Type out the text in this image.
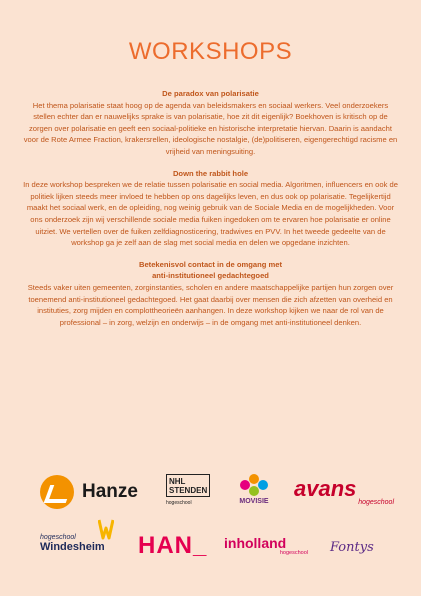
WORKSHOPS

De paradox van polarisatie

Het thema polarisatie staat hoog op de agenda van beleidsmakers en sociaal werkers. Veel onderzoekers stellen echter dan er nauwelijks sprake is van polarisatie, hoe zit dit eigenlijk? Boekhoven is kritisch op de zorgen over polarisatie en geeft een sociaal-politieke en historische interpretatie hiervan. Daarin is aandacht voor de Rote Armee Fraction, krakersrellen, ideologische nostalgie, (de)politiseren, eigengerechtigd racisme en vrijheid van meningsuiting.

Down the rabbit hole

In deze workshop bespreken we de relatie tussen polarisatie en social media. Algoritmen, influencers en ook de politiek lijken steeds meer invloed te hebben op ons dagelijks leven, en dus ook op polarisatie. Tegelijkertijd maakt het sociaal werk, en de opleiding, nog weinig gebruik van de Sociale Media en de mogelijkheden. Voor ons onderzoek zijn wij verschillende sociale media fuiken ingedoken om te ervaren hoe polarisatie er online uitziet. We vertellen over de fuiken zelfdiagnosticering, tradwives en PVV. In het tweede gedeelte van de workshop ga je zelf aan de slag met social media en delen we opgedane inzichten.

Betekenisvol contact in de omgang met

anti-institutioneel gedachtegoed

Steeds vaker uiten gemeenten, zorginstanties, scholen en andere maatschappelijke partijen hun zorgen over toenemend anti-institutioneel gedachtegoed. Het gaat daarbij over mensen die zich afzetten van overheid en instituties, zorg mijden en complottheorieën aanhangen. In deze workshop kijken we naar de rol van de professional – in zorg, welzijn en onderwijs – in de omgang met anti-institutioneel denken.

Hanze	NHL
STENDEN
hogeschool	MOVISIE
avans
hogeschool
hogeschool
Windesheim	HAN_ inholland
hogeschool Fontys
